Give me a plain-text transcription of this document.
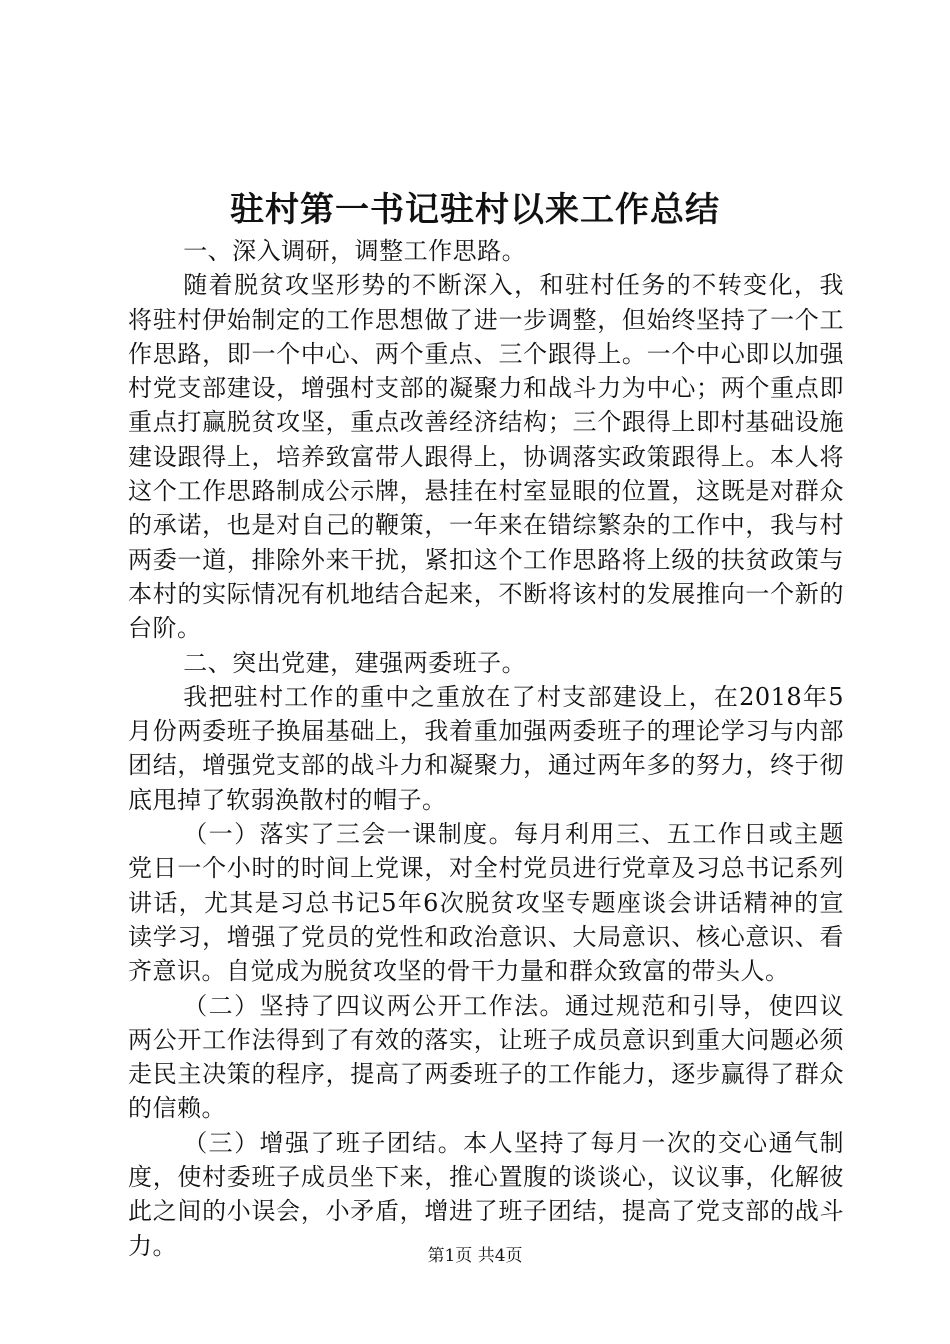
驻村第一书记驻村以来工作总结

一、深入调研，调整工作思路。

随着脱贫攻坚形势的不断深入，和驻村任务的不转变化，我将驻村伊始制定的工作思想做了进一步调整，但始终坚持了一个工作思路，即一个中心、两个重点、三个跟得上。一个中心即以加强村党支部建设，增强村支部的凝聚力和战斗力为中心；两个重点即重点打赢脱贫攻坚，重点改善经济结构；三个跟得上即村基础设施建设跟得上，培养致富带人跟得上，协调落实政策跟得上。本人将这个工作思路制成公示牌，悬挂在村室显眼的位置，这既是对群众的承诺，也是对自己的鞭策，一年来在错综繁杂的工作中，我与村两委一道，排除外来干扰，紧扣这个工作思路将上级的扶贫政策与本村的实际情况有机地结合起来，不断将该村的发展推向一个新的台阶。

二、突出党建，建强两委班子。

我把驻村工作的重中之重放在了村支部建设上，在2018年5月份两委班子换届基础上，我着重加强两委班子的理论学习与内部团结，增强党支部的战斗力和凝聚力，通过两年多的努力，终于彻底甩掉了软弱涣散村的帽子。

（一）落实了三会一课制度。每月利用三、五工作日或主题党日一个小时的时间上党课，对全村党员进行党章及习总书记系列讲话，尤其是习总书记5年6次脱贫攻坚专题座谈会讲话精神的宣读学习，增强了党员的党性和政治意识、大局意识、核心意识、看齐意识。自觉成为脱贫攻坚的骨干力量和群众致富的带头人。

（二）坚持了四议两公开工作法。通过规范和引导，使四议两公开工作法得到了有效的落实，让班子成员意识到重大问题必须走民主决策的程序，提高了两委班子的工作能力，逐步赢得了群众的信赖。

（三）增强了班子团结。本人坚持了每月一次的交心通气制度，使村委班子成员坐下来，推心置腹的谈谈心，议议事，化解彼此之间的小误会，小矛盾，增进了班子团结，提高了党支部的战斗力。	第1页 共4页
